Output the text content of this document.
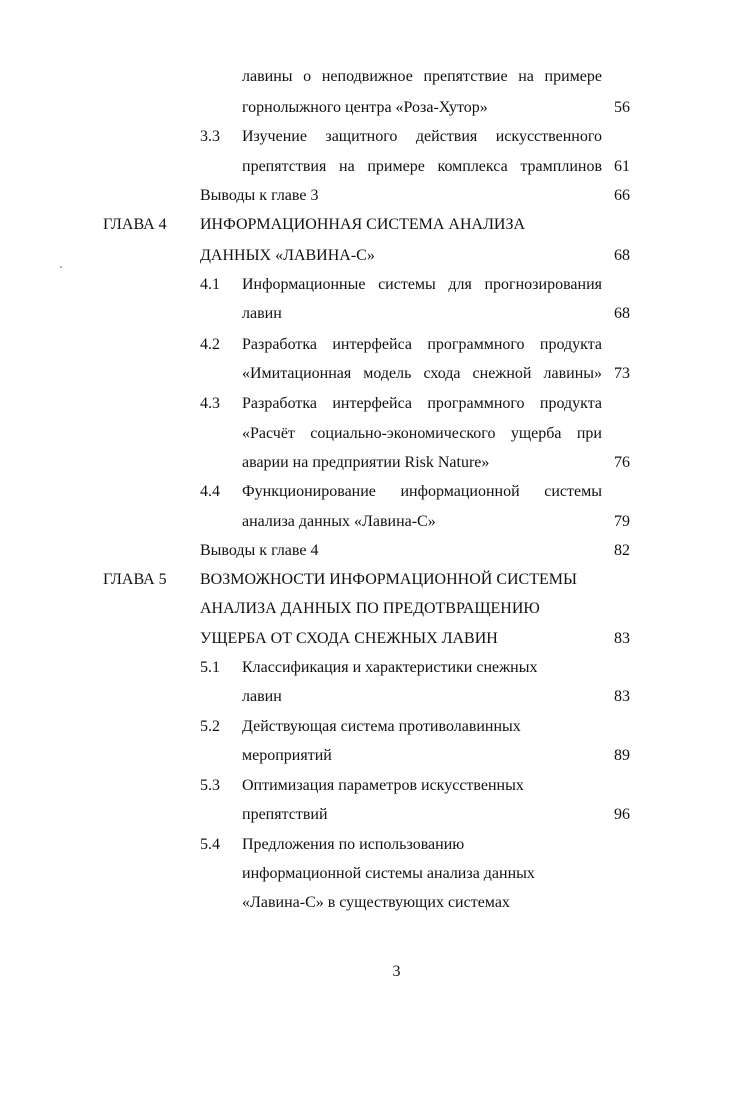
лавины о неподвижное препятствие на примере
горнолыжного центра «Роза-Хутор»	56
3.3 Изучение защитного действия искусственного
препятствия на примере комплекса трамплинов 61
Выводы к главе 3	66
ГЛАВА 4 ИНФОРМАЦИОННАЯ СИСТЕМА АНАЛИЗА
ДАННЫХ «ЛАВИНА-С»	68
4.1 Информационные системы для прогнозирования
лавин	68
4.2 Разработка интерфейса программного продукта
«Имитационная модель схода снежной лавины» 73
4.3 Разработка интерфейса программного продукта
«Расчёт социально-экономического ущерба при
аварии на предприятии Risk Nature»	76
4.4 Функционирование информационной системы
анализа данных «Лавина-С»	79
Выводы к главе 4	82
ГЛАВА 5 ВОЗМОЖНОСТИ ИНФОРМАЦИОННОЙ СИСТЕМЫ
АНАЛИЗА ДАННЫХ ПО ПРЕДОТВРАЩЕНИЮ
УЩЕРБА ОТ СХОДА СНЕЖНЫХ ЛАВИН	83
5.1 Классификация и характеристики снежных
лавин	83
5.2 Действующая система противолавинных
мероприятий	89
5.3 Оптимизация параметров искусственных
препятствий	96
5.4 Предложения по использованию
информационной системы анализа данных
«Лавина-С» в существующих системах
3
